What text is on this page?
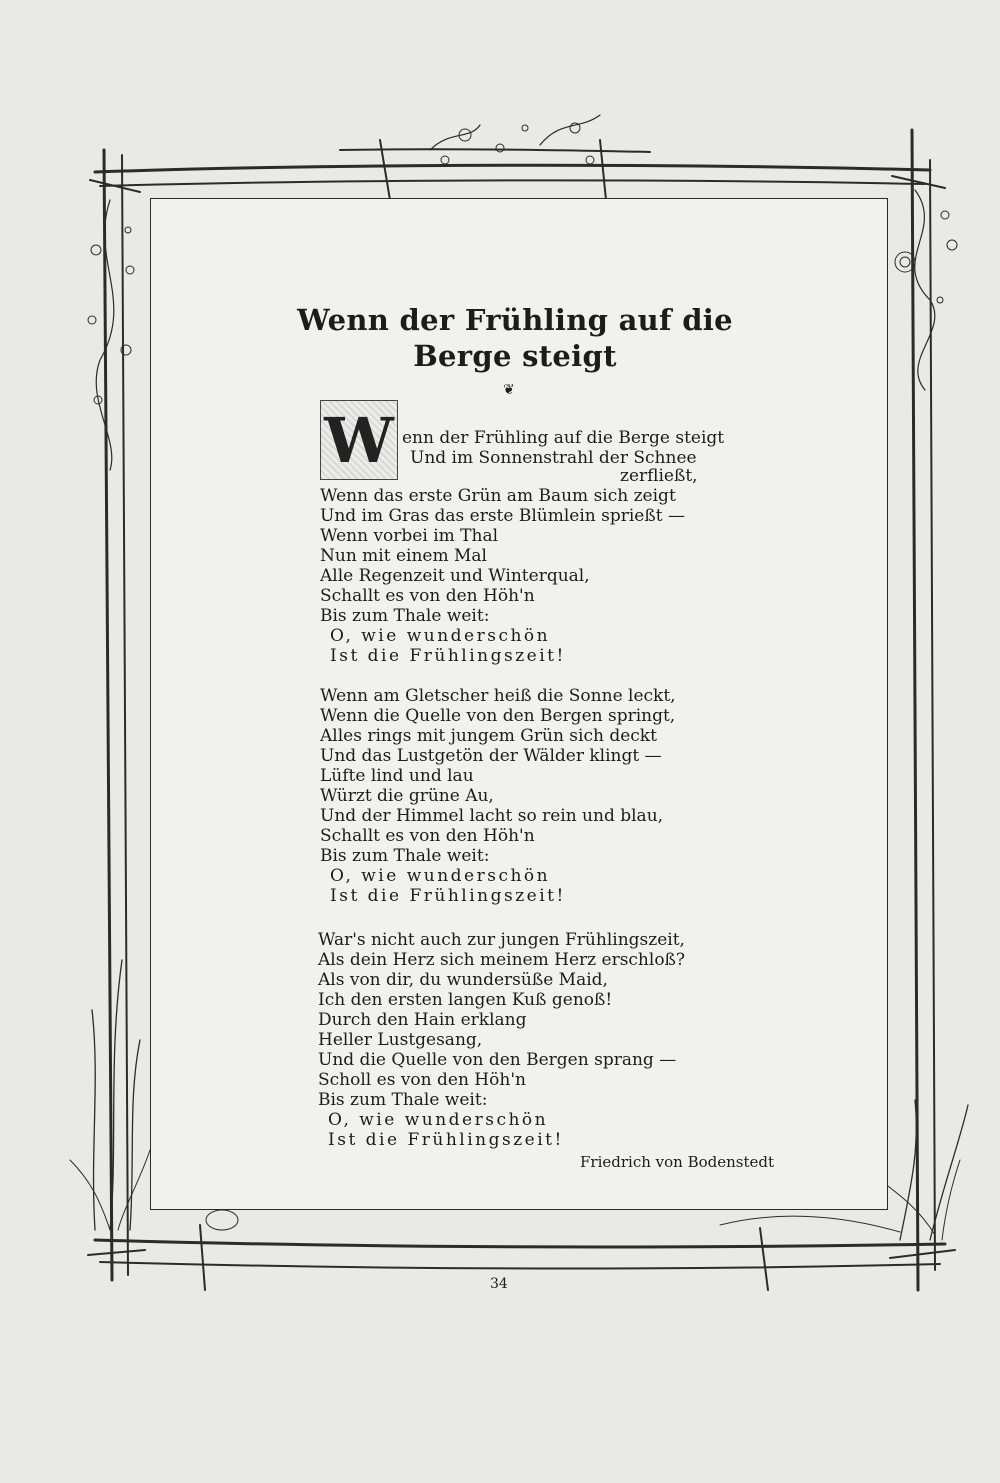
Wenn der Frühling auf die
Berge steigt
❦
W enn der Frühling auf die Berge steigt
Und im Sonnenstrahl der Schnee
zerfließt,
Wenn das erste Grün am Baum sich zeigt
Und im Gras das erste Blümlein sprießt —
Wenn vorbei im Thal
Nun mit einem Mal
Alle Regenzeit und Winterqual,
Schallt es von den Höh'n
Bis zum Thale weit:
O, wie wunderschön
Ist die Frühlingszeit!
Wenn am Gletscher heiß die Sonne leckt,
Wenn die Quelle von den Bergen springt,
Alles rings mit jungem Grün sich deckt
Und das Lustgetön der Wälder klingt —
Lüfte lind und lau
Würzt die grüne Au,
Und der Himmel lacht so rein und blau,
Schallt es von den Höh'n
Bis zum Thale weit:
O, wie wunderschön
Ist die Frühlingszeit!
War's nicht auch zur jungen Frühlingszeit,
Als dein Herz sich meinem Herz erschloß?
Als von dir, du wundersüße Maid,
Ich den ersten langen Kuß genoß!
Durch den Hain erklang
Heller Lustgesang,
Und die Quelle von den Bergen sprang —
Scholl es von den Höh'n
Bis zum Thale weit:
O, wie wunderschön
Ist die Frühlingszeit!
Friedrich von Bodenstedt
34
